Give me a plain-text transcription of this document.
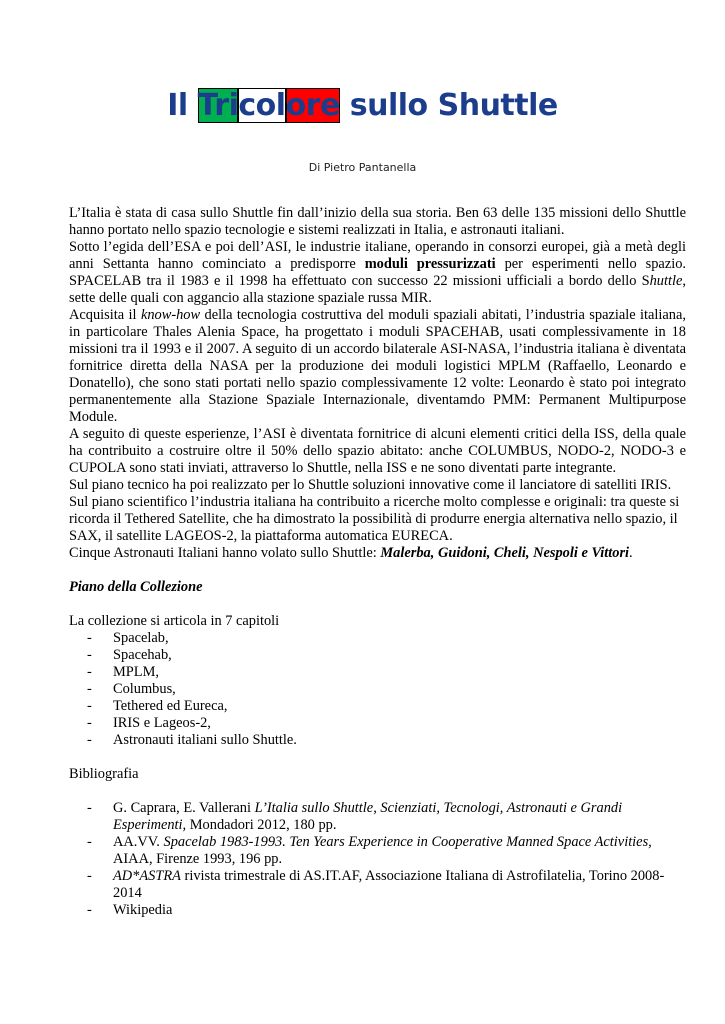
Il Tricolore sullo Shuttle
Di Pietro Pantanella

L’Italia è stata di casa sullo Shuttle fin dall’inizio della sua storia. Ben 63 delle 135 missioni dello Shuttle hanno portato nello spazio tecnologie e sistemi realizzati in Italia, e astronauti italiani.

Sotto l’egida dell’ESA e poi dell’ASI, le industrie italiane, operando in consorzi europei, già a metà degli anni Settanta hanno cominciato a predisporre moduli pressurizzati per esperimenti nello spazio. SPACELAB tra il 1983 e il 1998 ha effettuato con successo 22 missioni ufficiali a bordo dello Shuttle, sette delle quali con aggancio alla stazione spaziale russa MIR.

Acquisita il know-how della tecnologia costruttiva del moduli spaziali abitati, l’industria spaziale italiana, in particolare Thales Alenia Space, ha progettato i moduli SPACEHAB, usati complessivamente in 18 missioni tra il 1993 e il 2007. A seguito di un accordo bilaterale ASI-NASA, l’industria italiana è diventata fornitrice diretta della NASA per la produzione dei moduli logistici MPLM (Raffaello, Leonardo e Donatello), che sono stati portati nello spazio complessivamente 12 volte: Leonardo è stato poi integrato permanentemente alla Stazione Spaziale Internazionale, diventamdo PMM: Permanent Multipurpose Module.

A seguito di queste esperienze, l’ASI è diventata fornitrice di alcuni elementi critici della ISS, della quale ha contribuito a costruire oltre il 50% dello spazio abitato: anche COLUMBUS, NODO-2, NODO-3 e CUPOLA sono stati inviati, attraverso lo Shuttle, nella ISS e ne sono diventati parte integrante.

Sul piano tecnico ha poi realizzato per lo Shuttle soluzioni innovative come il lanciatore di satelliti IRIS.

Sul piano scientifico l’industria italiana ha contribuito a ricerche molto complesse e originali: tra queste si ricorda il Tethered Satellite, che ha dimostrato la possibilità di produrre energia alternativa nello spazio, il SAX, il satellite LAGEOS-2, la piattaforma automatica EURECA.

Cinque Astronauti Italiani hanno volato sullo Shuttle: Malerba, Guidoni, Cheli, Nespoli e Vittori.

Piano della Collezione

La collezione si articola in 7 capitoli

- Spacelab,
- Spacehab,
- MPLM,
- Columbus,
- Tethered ed Eureca,
- IRIS e Lageos-2,
- Astronauti italiani sullo Shuttle.

Bibliografia

- G. Caprara, E. Vallerani L’Italia sullo Shuttle, Scienziati, Tecnologi, Astronauti e Grandi Esperimenti, Mondadori 2012, 180 pp.
- AA.VV. Spacelab 1983-1993. Ten Years Experience in Cooperative Manned Space Activities, AIAA, Firenze 1993, 196 pp.
- AD*ASTRA rivista trimestrale di AS.IT.AF, Associazione Italiana di Astrofilatelia, Torino 2008-2014
- Wikipedia
